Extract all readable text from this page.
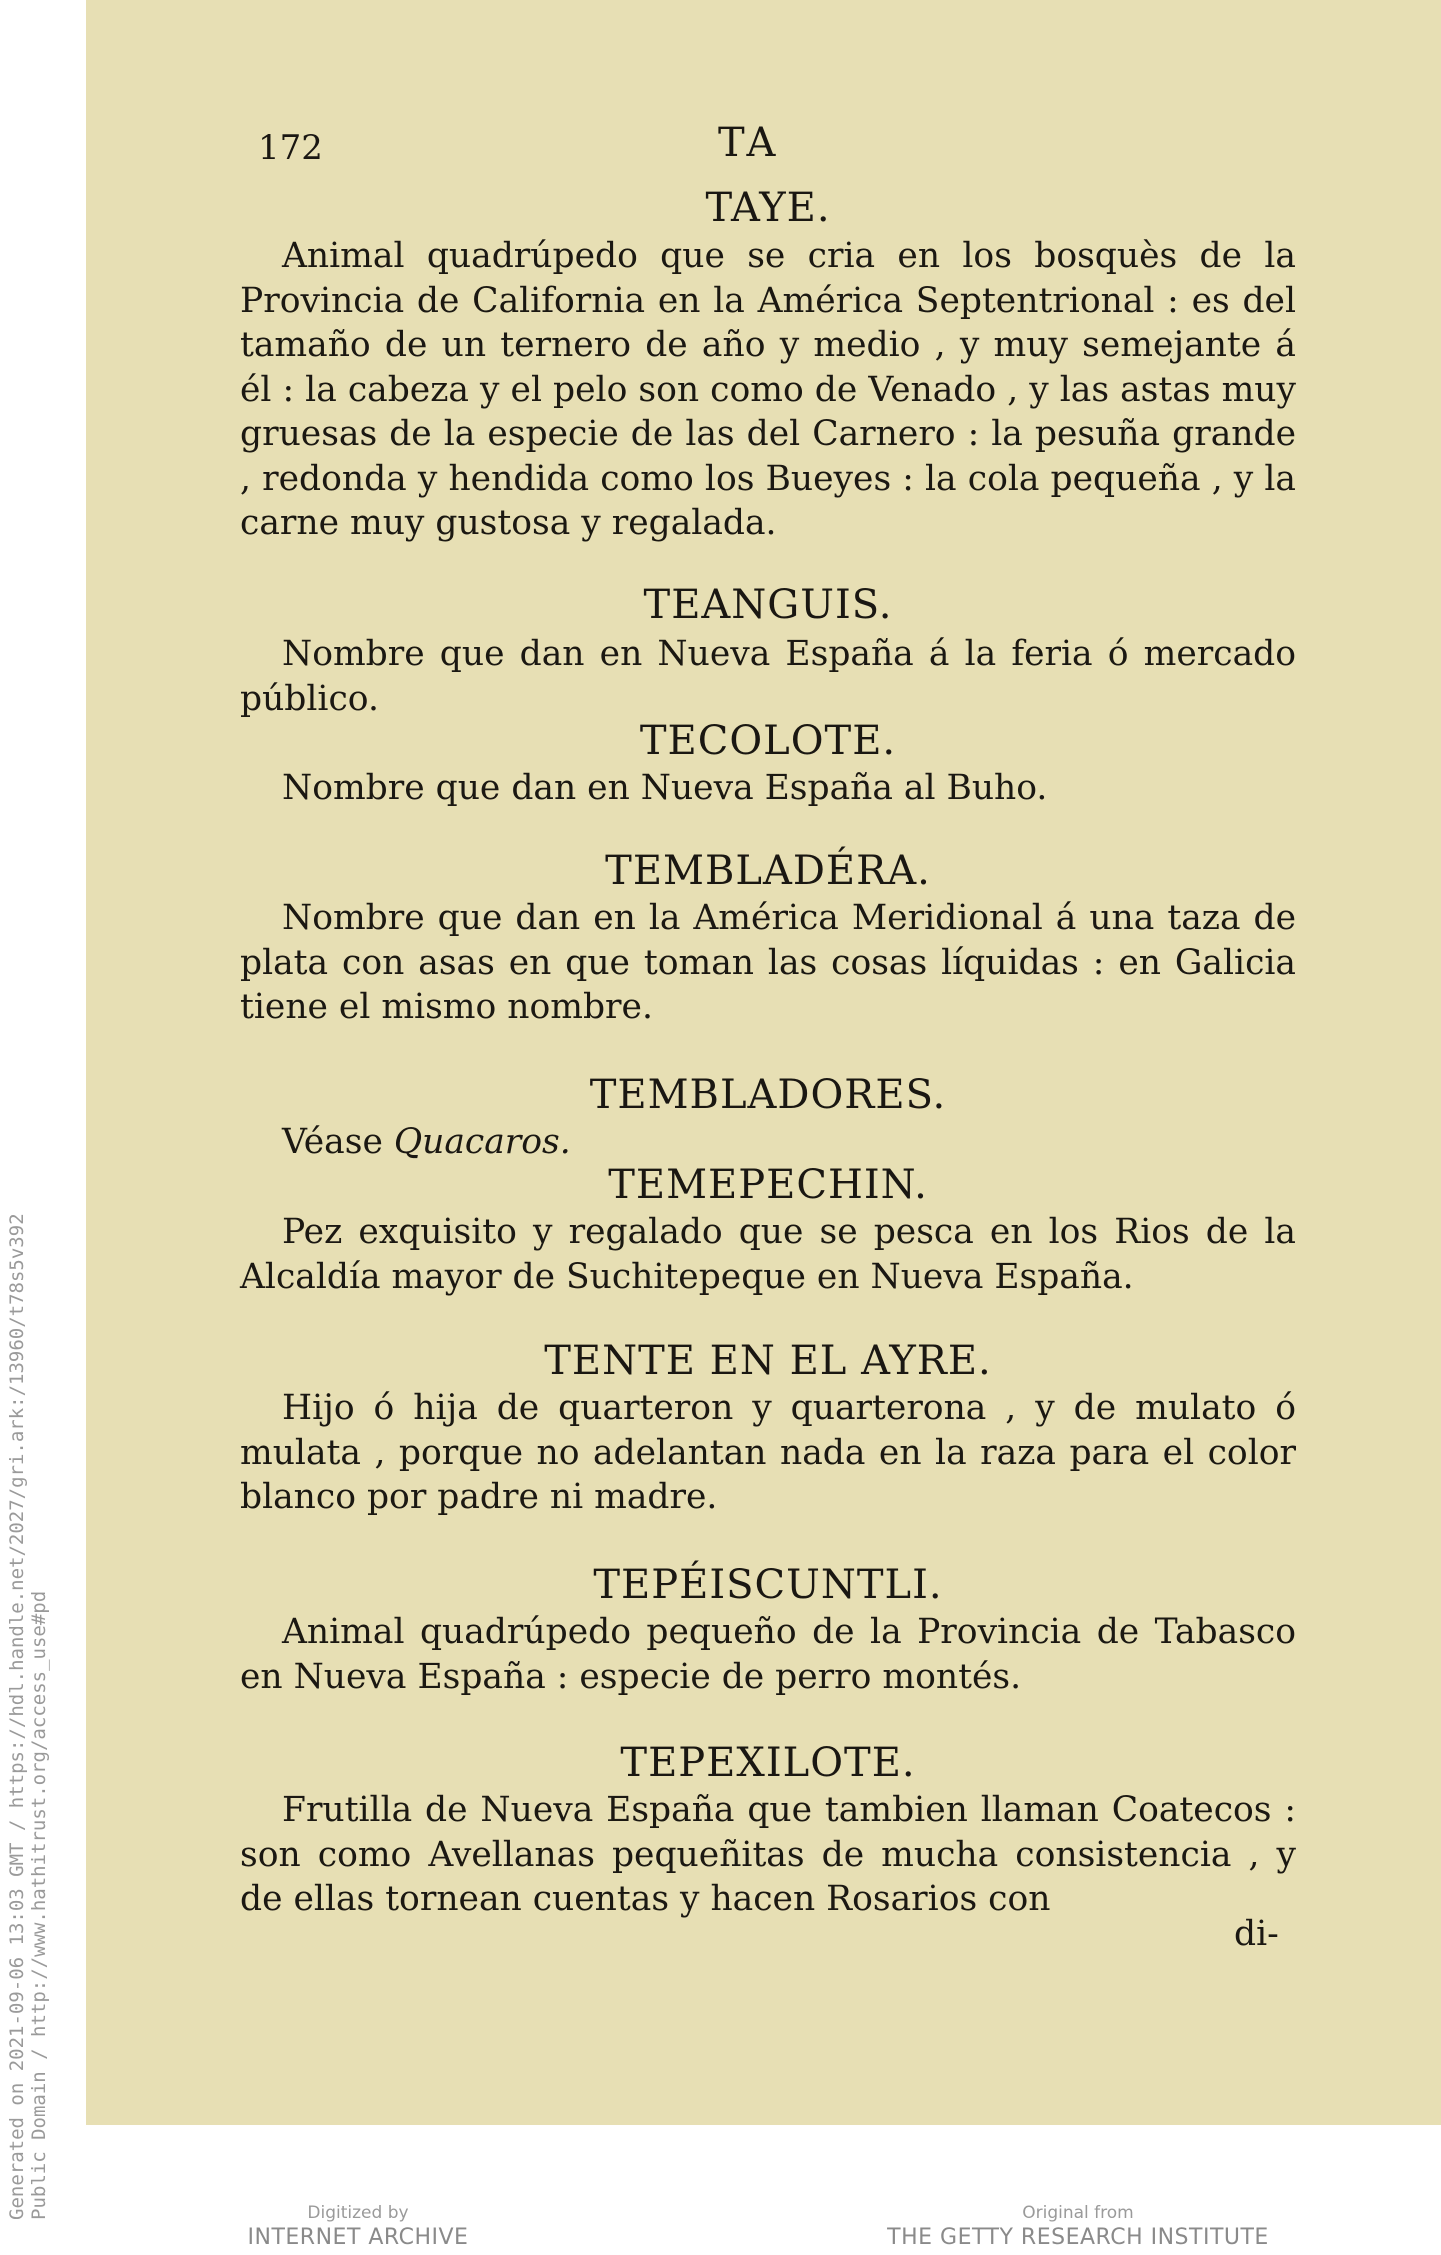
Generated on 2021-09-06 13:03 GMT / https://hdl.handle.net/2027/gri.ark:/13960/t78s5v392 Public Domain / http://www.hathitrust.org/access_use#pd
172	TA
TAYE.

Animal quadrúpedo que se cria en los bosquès de la Provincia de California en la América Septentrional : es del tamaño de un ternero de año y medio , y muy semejante á él : la cabeza y el pelo son como de Venado , y las astas muy gruesas de la especie de las del Carnero : la pesuña grande , redonda y hendida como los Bueyes : la cola pequeña , y la carne muy gustosa y regalada.

TEANGUIS.

Nombre que dan en Nueva España á la feria ó mercado público.

TECOLOTE.

Nombre que dan en Nueva España al Buho.

TEMBLADÉRA.

Nombre que dan en la América Meridional á una taza de plata con asas en que toman las cosas líquidas : en Galicia tiene el mismo nombre.

TEMBLADORES.

Véase Quacaros.

TEMEPECHIN.

Pez exquisito y regalado que se pesca en los Rios de la Alcaldía mayor de Suchitepeque en Nueva España.

TENTE EN EL AYRE.

Hijo ó hija de quarteron y quarterona , y de mulato ó mulata , porque no adelantan nada en la raza para el color blanco por padre ni madre.

TEPÉISCUNTLI.

Animal quadrúpedo pequeño de la Provincia de Tabasco en Nueva España : especie de perro montés.

TEPEXILOTE.

Frutilla de Nueva España que tambien llaman Coatecos : son como Avellanas pequeñitas de mucha consistencia , y de ellas tornean cuentas y hacen Rosarios con

di-
Digitized by
INTERNET ARCHIVE
Original from
THE GETTY RESEARCH INSTITUTE
